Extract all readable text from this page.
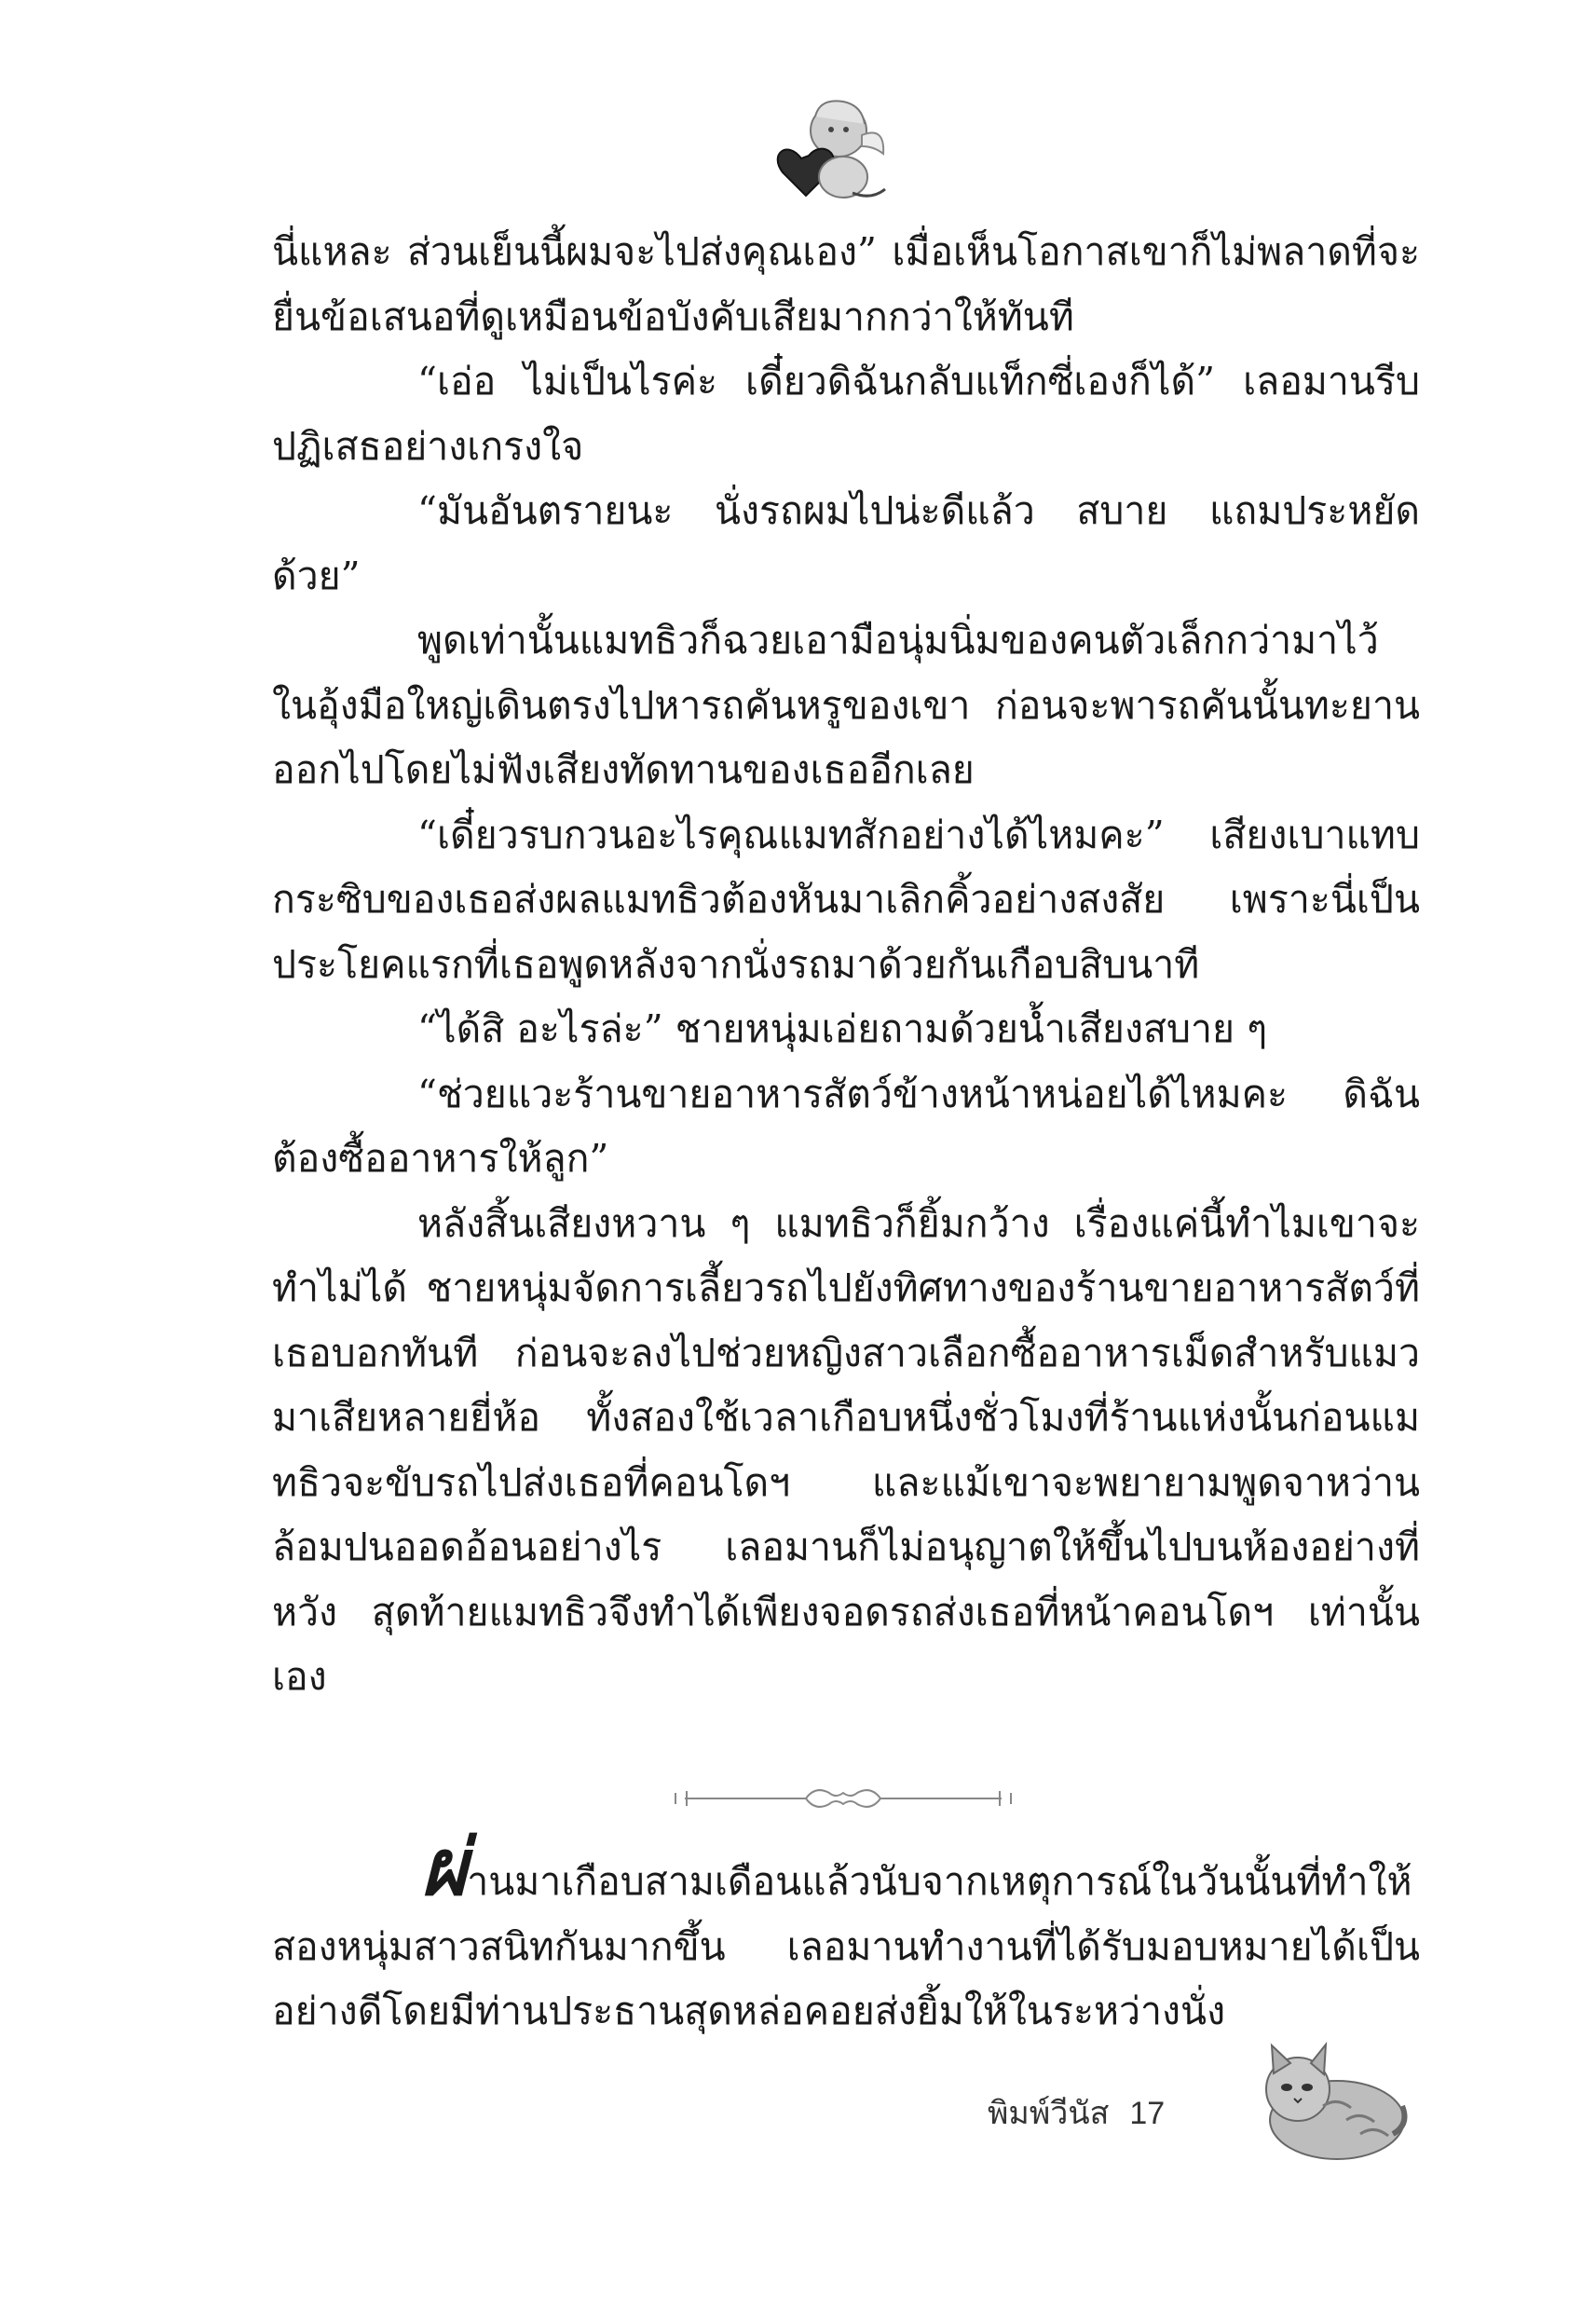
นี่แหละ ส่วนเย็นนี้ผมจะไปส่งคุณเอง” เมื่อเห็นโอกาสเขาก็ไม่พลาดที่จะยื่นข้อเสนอที่ดูเหมือนข้อบังคับเสียมากกว่าให้ทันที

“เอ่อ ไม่เป็นไรค่ะ เดี๋ยวดิฉันกลับแท็กซี่เองก็ได้” เลอมานรีบปฏิเสธอย่างเกรงใจ

“มันอันตรายนะ นั่งรถผมไปน่ะดีแล้ว สบาย แถมประหยัดด้วย”

พูดเท่านั้นแมทธิวก็ฉวยเอามือนุ่มนิ่มของคนตัวเล็กกว่ามาไว้ในอุ้งมือใหญ่เดินตรงไปหารถคันหรูของเขา ก่อนจะพารถคันนั้นทะยานออกไปโดยไม่ฟังเสียงทัดทานของเธออีกเลย

“เดี๋ยวรบกวนอะไรคุณแมทสักอย่างได้ไหมคะ” เสียงเบาแทบกระซิบของเธอส่งผลแมทธิวต้องหันมาเลิกคิ้วอย่างสงสัย เพราะนี่เป็นประโยคแรกที่เธอพูดหลังจากนั่งรถมาด้วยกันเกือบสิบนาที

“ได้สิ อะไรล่ะ” ชายหนุ่มเอ่ยถามด้วยน้ำเสียงสบาย ๆ

“ช่วยแวะร้านขายอาหารสัตว์ข้างหน้าหน่อยได้ไหมคะ ดิฉันต้องซื้ออาหารให้ลูก”

หลังสิ้นเสียงหวาน ๆ แมทธิวก็ยิ้มกว้าง เรื่องแค่นี้ทำไมเขาจะทำไม่ได้ ชายหนุ่มจัดการเลี้ยวรถไปยังทิศทางของร้านขายอาหารสัตว์ที่เธอบอกทันที ก่อนจะลงไปช่วยหญิงสาวเลือกซื้ออาหารเม็ดสำหรับแมวมาเสียหลายยี่ห้อ ทั้งสองใช้เวลาเกือบหนึ่งชั่วโมงที่ร้านแห่งนั้นก่อนแมทธิวจะขับรถไปส่งเธอที่คอนโดฯ และแม้เขาจะพยายามพูดจาหว่านล้อมปนออดอ้อนอย่างไร เลอมานก็ไม่อนุญาตให้ขึ้นไปบนห้องอย่างที่หวัง สุดท้ายแมทธิวจึงทำได้เพียงจอดรถส่งเธอที่หน้าคอนโดฯ เท่านั้นเอง

ผ่านมาเกือบสามเดือนแล้วนับจากเหตุการณ์ในวันนั้นที่ทำให้สองหนุ่มสาวสนิทกันมากขึ้น เลอมานทำงานที่ได้รับมอบหมายได้เป็นอย่างดีโดยมีท่านประธานสุดหล่อคอยส่งยิ้มให้ในระหว่างนั่ง

พิมพ์วีนัส 17
